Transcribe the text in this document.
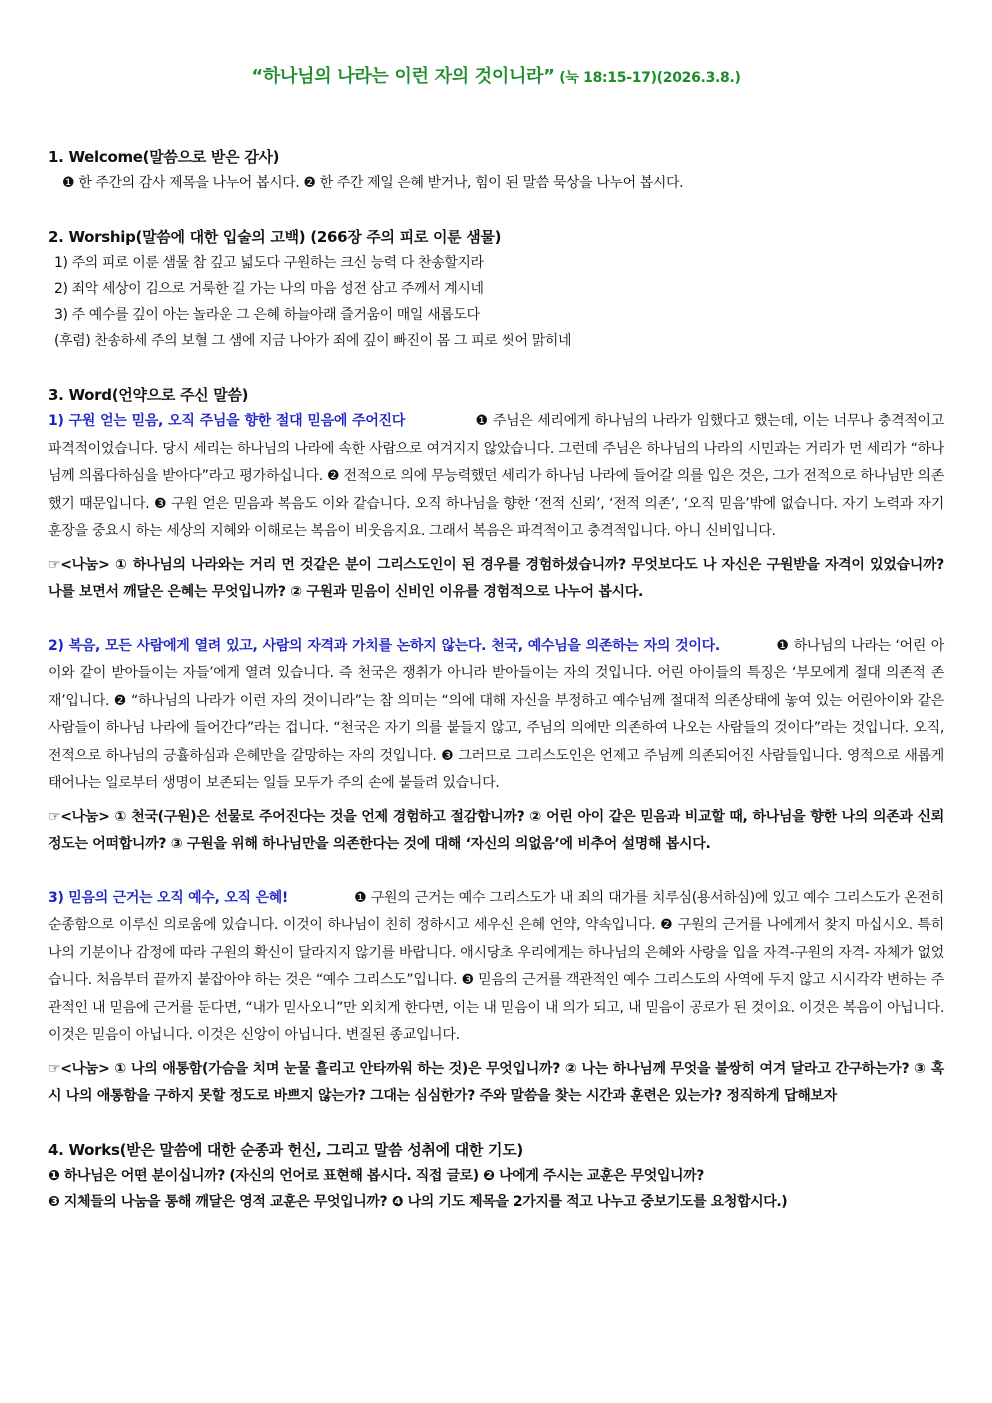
“하나님의 나라는 이런 자의 것이니라” (눅 18:15-17)(2026.3.8.)

1. Welcome(말씀으로 받은 감사)

❶ 한 주간의 감사 제목을 나누어 봅시다. ❷ 한 주간 제일 은혜 받거나, 힘이 된 말씀 묵상을 나누어 봅시다.

2. Worship(말씀에 대한 입술의 고백) (266장 주의 피로 이룬 샘물)

1) 주의 피로 이룬 샘물 참 깊고 넓도다 구원하는 크신 능력 다 찬송할지라

2) 죄악 세상이 김으로 거룩한 길 가는 나의 마음 성전 삼고 주께서 계시네

3) 주 예수를 깊이 아는 놀라운 그 은혜 하늘아래 즐거움이 매일 새롭도다

(후렴) 찬송하세 주의 보혈 그 샘에 지금 나아가 죄에 깊이 빠진이 몸 그 피로 씻어 맑히네

3. Word(언약으로 주신 말씀)

1) 구원 얻는 믿음, 오직 주님을 향한 절대 믿음에 주어진다	❶ 주님은 세리에게 하나님의 나라가 임했다고 했는데, 이는 너무나 충격적이고 파격적이었습니다. 당시 세리는 하나님의 나라에 속한 사람으로 여겨지지 않았습니다. 그런데 주님은 하나님의 나라의 시민과는 거리가 먼 세리가 “하나님께 의롭다하심을 받아다”라고 평가하십니다. ❷ 전적으로 의에 무능력했던 세리가 하나님 나라에 들어갈 의를 입은 것은, 그가 전적으로 하나님만 의존했기 때문입니다. ❸ 구원 얻은 믿음과 복음도 이와 같습니다. 오직 하나님을 향한 ‘전적 신뢰’, ‘전적 의존’, ‘오직 믿음’밖에 없습니다. 자기 노력과 자기 훈장을 중요시 하는 세상의 지혜와 이해로는 복음이 비웃음지요. 그래서 복음은 파격적이고 충격적입니다. 아니 신비입니다.

☞<나눔> ① 하나님의 나라와는 거리 먼 것같은 분이 그리스도인이 된 경우를 경험하셨습니까? 무엇보다도 나 자신은 구원받을 자격이 있었습니까? 나를 보면서 깨달은 은혜는 무엇입니까? ② 구원과 믿음이 신비인 이유를 경험적으로 나누어 봅시다.

2) 복음, 모든 사람에게 열려 있고, 사람의 자격과 가치를 논하지 않는다. 천국, 예수님을 의존하는 자의 것이다.	❶ 하나님의 나라는 ‘어린 아이와 같이 받아들이는 자들’에게 열려 있습니다. 즉 천국은 쟁취가 아니라 받아들이는 자의 것입니다. 어린 아이들의 특징은 ‘부모에게 절대 의존적 존재’입니다. ❷ “하나님의 나라가 이런 자의 것이니라”는 참 의미는 “의에 대해 자신을 부정하고 예수님께 절대적 의존상태에 놓여 있는 어린아이와 같은 사람들이 하나님 나라에 들어간다”라는 겁니다. “천국은 자기 의를 붙들지 않고, 주님의 의에만 의존하여 나오는 사람들의 것이다”라는 것입니다. 오직, 전적으로 하나님의 긍휼하심과 은혜만을 갈망하는 자의 것입니다. ❸ 그러므로 그리스도인은 언제고 주님께 의존되어진 사람들입니다. 영적으로 새롭게 태어나는 일로부터 생명이 보존되는 일들 모두가 주의 손에 붙들려 있습니다.

☞<나눔> ① 천국(구원)은 선물로 주어진다는 것을 언제 경험하고 절감합니까? ② 어린 아이 같은 믿음과 비교할 때, 하나님을 향한 나의 의존과 신뢰 정도는 어떠합니까? ③ 구원을 위해 하나님만을 의존한다는 것에 대해 ‘자신의 의없음’에 비추어 설명해 봅시다.

3) 믿음의 근거는 오직 예수, 오직 은혜!	❶ 구원의 근거는 예수 그리스도가 내 죄의 대가를 치루심(용서하심)에 있고 예수 그리스도가 온전히 순종함으로 이루신 의로움에 있습니다. 이것이 하나님이 친히 정하시고 세우신 은혜 언약, 약속입니다. ❷ 구원의 근거를 나에게서 찾지 마십시오. 특히 나의 기분이나 감정에 따라 구원의 확신이 달라지지 않기를 바랍니다. 애시당초 우리에게는 하나님의 은혜와 사랑을 입을 자격-구원의 자격- 자체가 없었습니다. 처음부터 끝까지 붙잡아야 하는 것은 “예수 그리스도”입니다. ❸ 믿음의 근거를 객관적인 예수 그리스도의 사역에 두지 않고 시시각각 변하는 주관적인 내 믿음에 근거를 둔다면, “내가 믿사오니”만 외치게 한다면, 이는 내 믿음이 내 의가 되고, 내 믿음이 공로가 된 것이요. 이것은 복음이 아닙니다. 이것은 믿음이 아닙니다. 이것은 신앙이 아닙니다. 변질된 종교입니다.

☞<나눔> ① 나의 애통함(가슴을 치며 눈물 흘리고 안타까워 하는 것)은 무엇입니까? ② 나는 하나님께 무엇을 불쌍히 여겨 달라고 간구하는가? ③ 혹시 나의 애통함을 구하지 못할 정도로 바쁘지 않는가? 그대는 심심한가? 주와 말씀을 찾는 시간과 훈련은 있는가? 정직하게 답해보자

4. Works(받은 말씀에 대한 순종과 헌신, 그리고 말씀 성취에 대한 기도)

❶ 하나님은 어떤 분이십니까? (자신의 언어로 표현해 봅시다. 직접 글로) ❷ 나에게 주시는 교훈은 무엇입니까?

❸ 지체들의 나눔을 통해 깨달은 영적 교훈은 무엇입니까? ❹ 나의 기도 제목을 2가지를 적고 나누고 중보기도를 요청합시다.)
